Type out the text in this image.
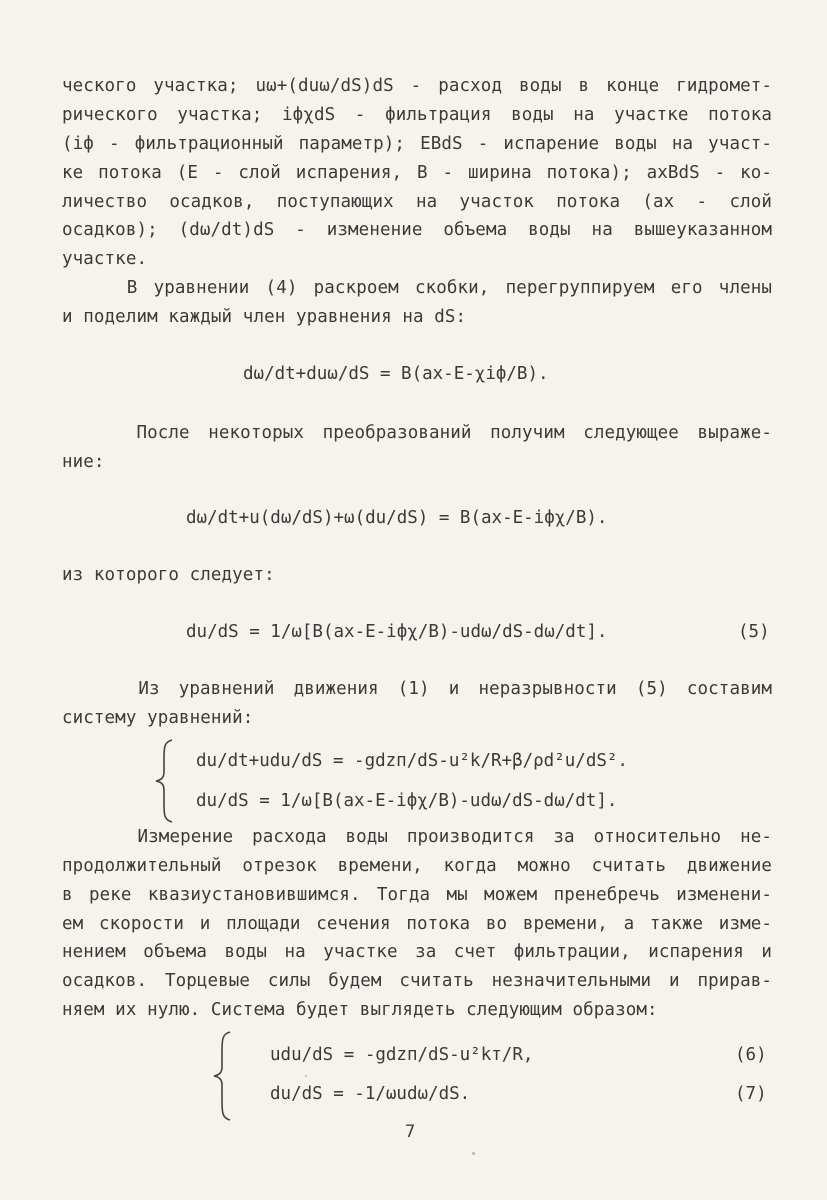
ческого участка; uω+(duω/dS)dS - расход воды в конце гидромет-
рического участка; iфχdS - фильтрация воды на участке потока
(iф - фильтрационный параметр); EBdS - испарение воды на участ-
ке потока (E - слой испарения, B - ширина потока); aхBdS - ко-
личество осадков, поступающих на участок потока (aх - слой
осадков); (dω/dt)dS - изменение объема воды на вышеуказанном
участке.
В уравнении (4) раскроем скобки, перегруппируем его члены
и поделим каждый член уравнения на dS:
dω/dt+duω/dS = B(aх-E-χiф/B).
После некоторых преобразований получим следующее выраже-
ние:
dω/dt+u(dω/dS)+ω(du/dS) = B(aх-E-iфχ/B).
из которого следует:
du/dS = 1/ω[B(aх-E-iфχ/B)-udω/dS-dω/dt].	(5)
Из уравнений движения (1) и неразрывности (5) составим
систему уравнений:
du/dt+udu/dS = -gdzп/dS-u²k/R+β/ρd²u/dS².
du/dS = 1/ω[B(aх-E-iфχ/B)-udω/dS-dω/dt].
Измерение расхода воды производится за относительно не-
продолжительный отрезок времени, когда можно считать движение
в реке квазиустановившимся. Тогда мы можем пренебречь изменени-
ем скорости и площади сечения потока во времени, а также изме-
нением объема воды на участке за счет фильтрации, испарения и
осадков. Торцевые силы будем считать незначительными и прирав-
няем их нулю. Система будет выглядеть следующим образом:
udu/dS = -gdzп/dS-u²kт/R,	(6)
du/dS = -1/ωudω/dS.	(7)
7
